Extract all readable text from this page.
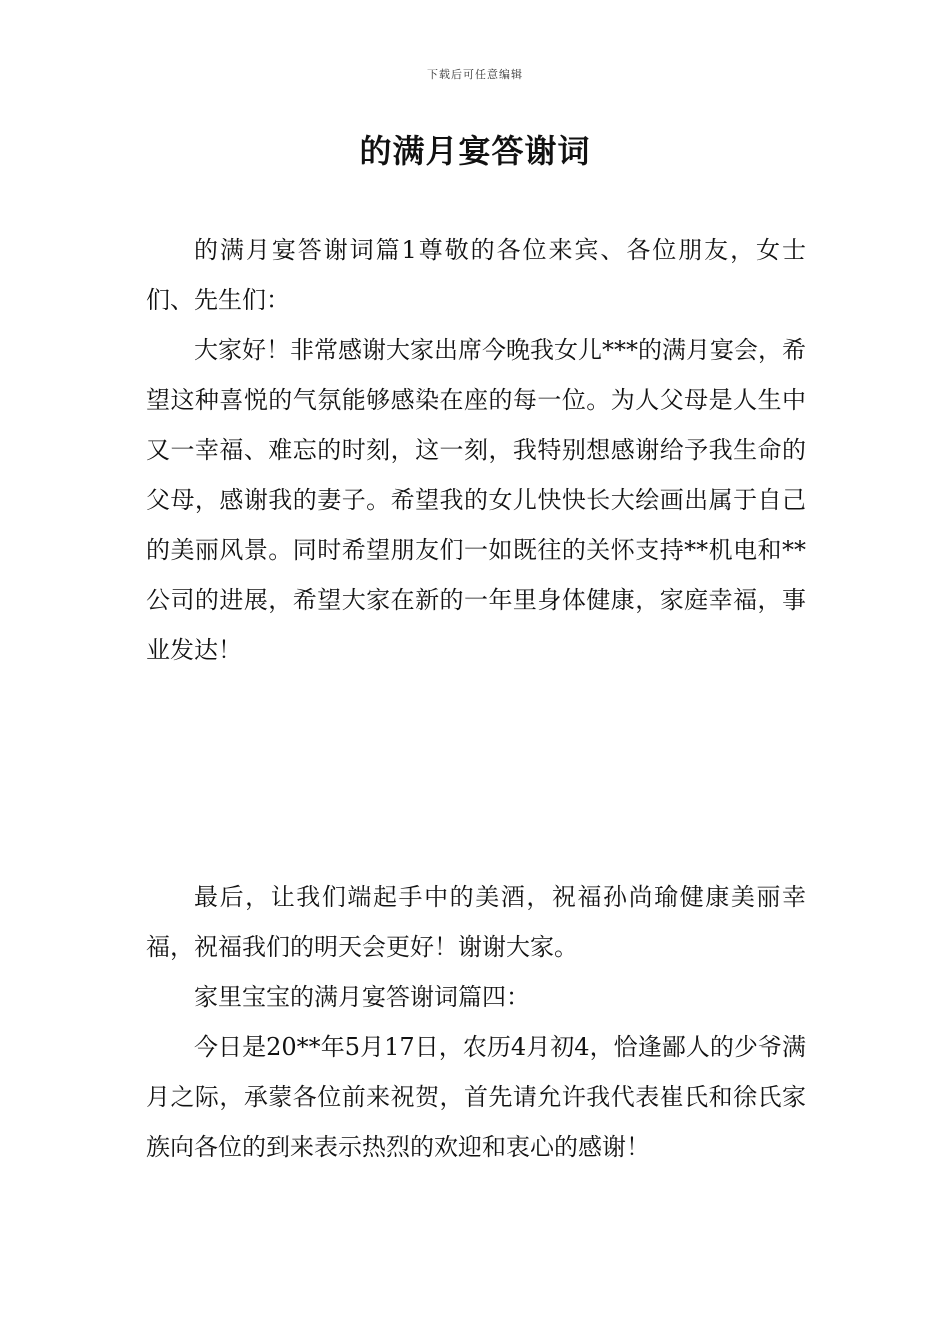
下载后可任意编辑
的满月宴答谢词

的满月宴答谢词篇1尊敬的各位来宾、各位朋友，女士们、先生们：

大家好！非常感谢大家出席今晚我女儿***的满月宴会，希望这种喜悦的气氛能够感染在座的每一位。为人父母是人生中又一幸福、难忘的时刻，这一刻，我特别想感谢给予我生命的父母，感谢我的妻子。希望我的女儿快快长大绘画出属于自己的美丽风景。同时希望朋友们一如既往的关怀支持**机电和**公司的进展，希望大家在新的一年里身体健康，家庭幸福，事业发达！

最后，让我们端起手中的美酒，祝福孙尚瑜健康美丽幸福，祝福我们的明天会更好！谢谢大家。

家里宝宝的满月宴答谢词篇四：

今日是20**年5月17日，农历4月初4，恰逢鄙人的少爷满月之际，承蒙各位前来祝贺，首先请允许我代表崔氏和徐氏家族向各位的到来表示热烈的欢迎和衷心的感谢！
